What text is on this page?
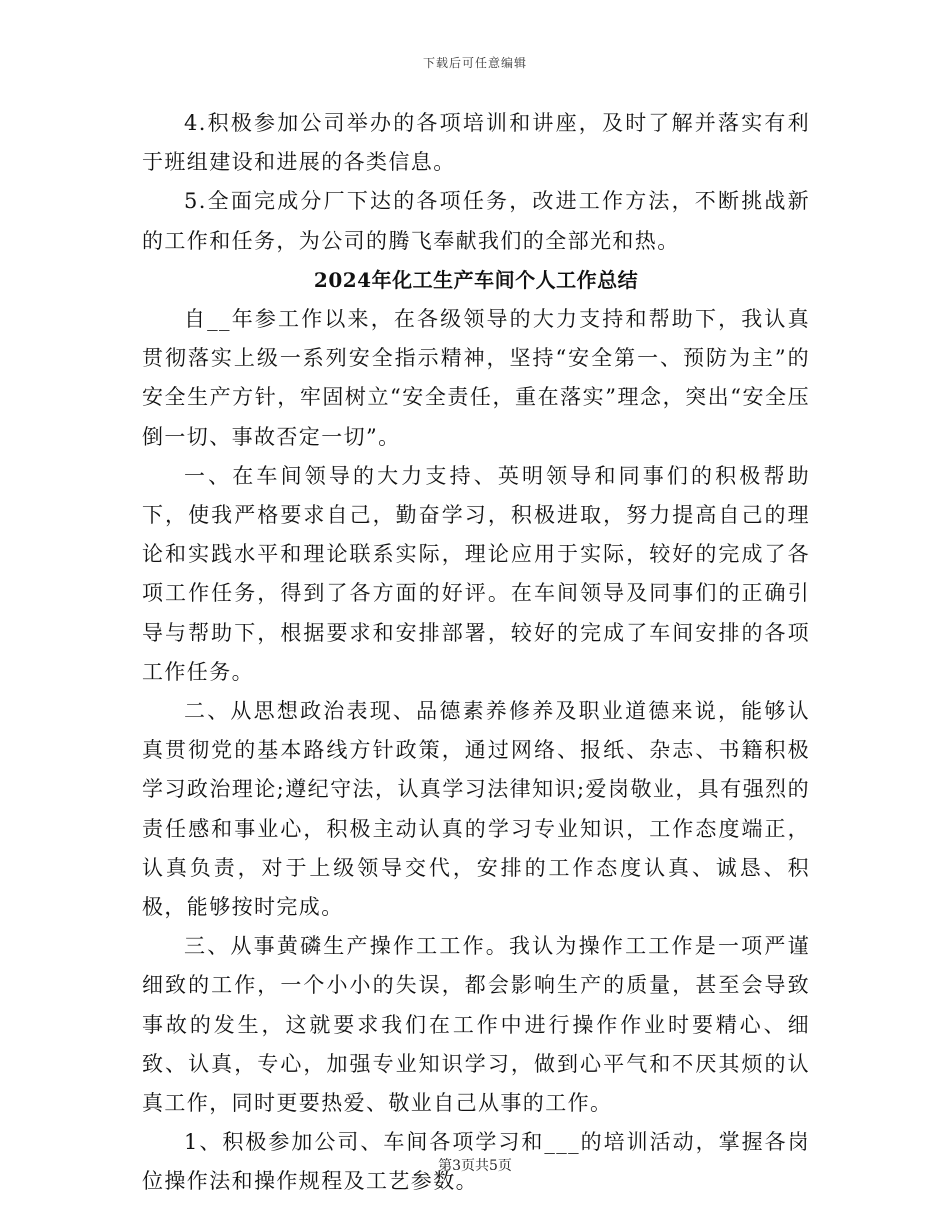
下载后可任意编辑

4.积极参加公司举办的各项培训和讲座，及时了解并落实有利于班组建设和进展的各类信息。

5.全面完成分厂下达的各项任务，改进工作方法，不断挑战新的工作和任务，为公司的腾飞奉献我们的全部光和热。

2024年化工生产车间个人工作总结

自__年参工作以来，在各级领导的大力支持和帮助下，我认真贯彻落实上级一系列安全指示精神，坚持“安全第一、预防为主”的安全生产方针，牢固树立“安全责任，重在落实”理念，突出“安全压倒一切、事故否定一切”。

一、在车间领导的大力支持、英明领导和同事们的积极帮助下，使我严格要求自己，勤奋学习，积极进取，努力提高自己的理论和实践水平和理论联系实际，理论应用于实际，较好的完成了各项工作任务，得到了各方面的好评。在车间领导及同事们的正确引导与帮助下，根据要求和安排部署，较好的完成了车间安排的各项工作任务。

二、从思想政治表现、品德素养修养及职业道德来说，能够认真贯彻党的基本路线方针政策，通过网络、报纸、杂志、书籍积极学习政治理论;遵纪守法，认真学习法律知识;爱岗敬业，具有强烈的责任感和事业心，积极主动认真的学习专业知识，工作态度端正，认真负责，对于上级领导交代，安排的工作态度认真、诚恳、积极，能够按时完成。

三、从事黄磷生产操作工工作。我认为操作工工作是一项严谨细致的工作，一个小小的失误，都会影响生产的质量，甚至会导致事故的发生，这就要求我们在工作中进行操作作业时要精心、细致、认真，专心，加强专业知识学习，做到心平气和不厌其烦的认真工作，同时更要热爱、敬业自己从事的工作。

1、积极参加公司、车间各项学习和___的培训活动，掌握各岗位操作法和操作规程及工艺参数。

第3页共5页
